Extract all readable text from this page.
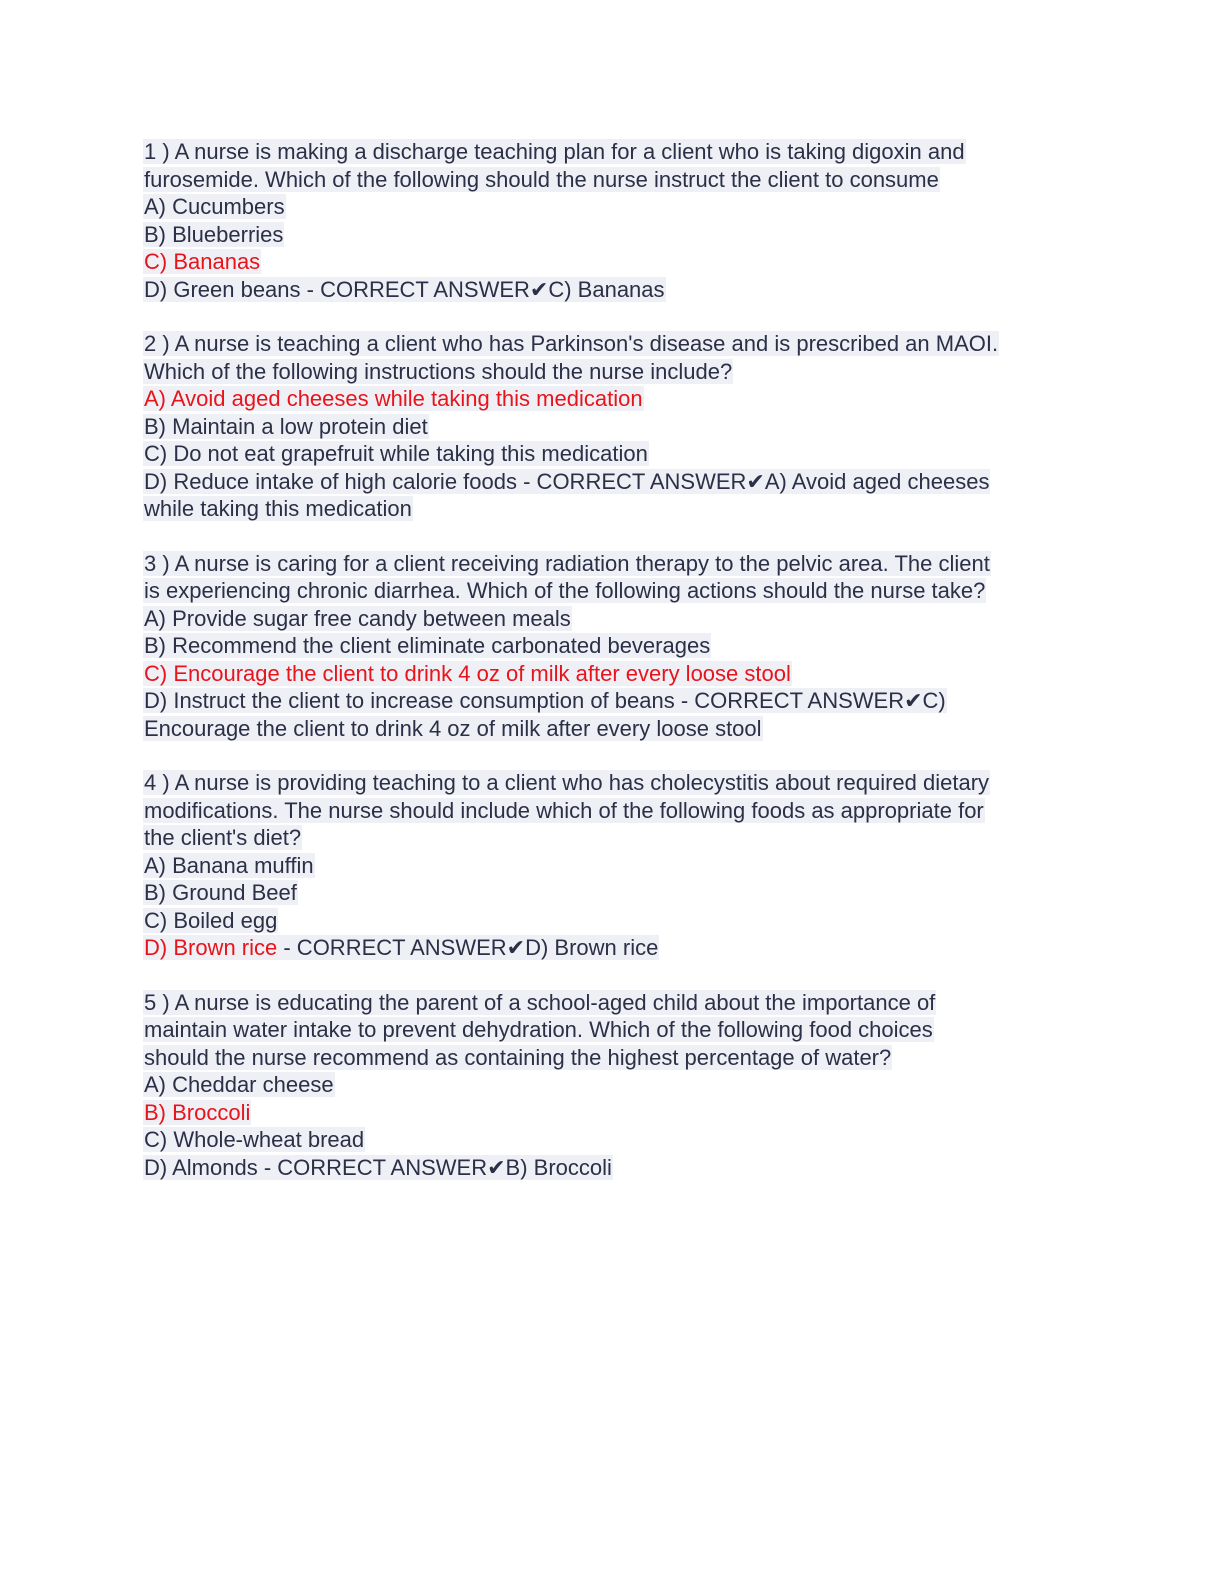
1 ) A nurse is making a discharge teaching plan for a client who is taking digoxin and
furosemide. Which of the following should the nurse instruct the client to consume
A) Cucumbers
B) Blueberries
C) Bananas
D) Green beans - CORRECT ANSWER✔C) Bananas
2 ) A nurse is teaching a client who has Parkinson's disease and is prescribed an MAOI.
Which of the following instructions should the nurse include?
A) Avoid aged cheeses while taking this medication
B) Maintain a low protein diet
C) Do not eat grapefruit while taking this medication
D) Reduce intake of high calorie foods - CORRECT ANSWER✔A) Avoid aged cheeses
while taking this medication
3 ) A nurse is caring for a client receiving radiation therapy to the pelvic area. The client
is experiencing chronic diarrhea. Which of the following actions should the nurse take?
A) Provide sugar free candy between meals
B) Recommend the client eliminate carbonated beverages
C) Encourage the client to drink 4 oz of milk after every loose stool
D) Instruct the client to increase consumption of beans - CORRECT ANSWER✔C)
Encourage the client to drink 4 oz of milk after every loose stool
4 ) A nurse is providing teaching to a client who has cholecystitis about required dietary
modifications. The nurse should include which of the following foods as appropriate for
the client's diet?
A) Banana muffin
B) Ground Beef
C) Boiled egg
D) Brown rice - CORRECT ANSWER✔D) Brown rice
5 ) A nurse is educating the parent of a school-aged child about the importance of
maintain water intake to prevent dehydration. Which of the following food choices
should the nurse recommend as containing the highest percentage of water?
A) Cheddar cheese
B) Broccoli
C) Whole-wheat bread
D) Almonds - CORRECT ANSWER✔B) Broccoli
